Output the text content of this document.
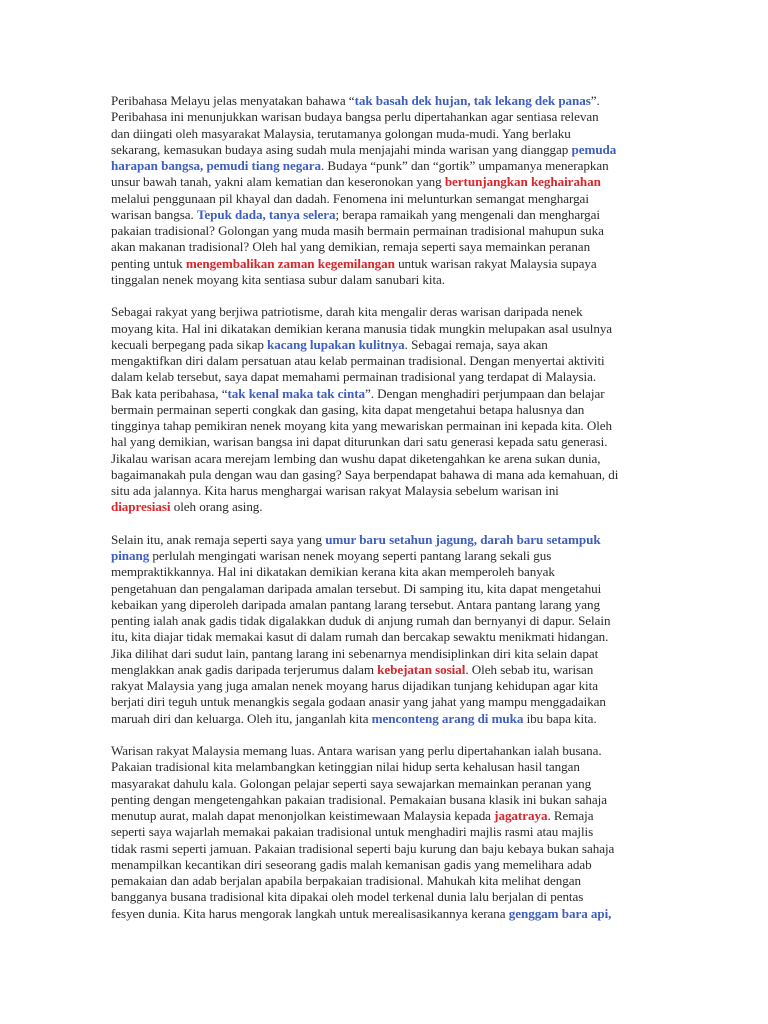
Peribahasa Melayu jelas menyatakan bahawa “tak basah dek hujan, tak lekang dek panas”.
Peribahasa ini menunjukkan warisan budaya bangsa perlu dipertahankan agar sentiasa relevan
dan diingati oleh masyarakat Malaysia, terutamanya golongan muda-mudi. Yang berlaku
sekarang, kemasukan budaya asing sudah mula menjajahi minda warisan yang dianggap pemuda
harapan bangsa, pemudi tiang negara. Budaya “punk” dan “gortik” umpamanya menerapkan
unsur bawah tanah, yakni alam kematian dan keseronokan yang bertunjangkan keghairahan
melalui penggunaan pil khayal dan dadah. Fenomena ini melunturkan semangat menghargai
warisan bangsa. Tepuk dada, tanya selera; berapa ramaikah yang mengenali dan menghargai
pakaian tradisional? Golongan yang muda masih bermain permainan tradisional mahupun suka
akan makanan tradisional? Oleh hal yang demikian, remaja seperti saya memainkan peranan
penting untuk mengembalikan zaman kegemilangan untuk warisan rakyat Malaysia supaya
tinggalan nenek moyang kita sentiasa subur dalam sanubari kita.
Sebagai rakyat yang berjiwa patriotisme, darah kita mengalir deras warisan daripada nenek
moyang kita. Hal ini dikatakan demikian kerana manusia tidak mungkin melupakan asal usulnya
kecuali berpegang pada sikap kacang lupakan kulitnya. Sebagai remaja, saya akan
mengaktifkan diri dalam persatuan atau kelab permainan tradisional. Dengan menyertai aktiviti
dalam kelab tersebut, saya dapat memahami permainan tradisional yang terdapat di Malaysia.
Bak kata peribahasa, “tak kenal maka tak cinta”. Dengan menghadiri perjumpaan dan belajar
bermain permainan seperti congkak dan gasing, kita dapat mengetahui betapa halusnya dan
tingginya tahap pemikiran nenek moyang kita yang mewariskan permainan ini kepada kita. Oleh
hal yang demikian, warisan bangsa ini dapat diturunkan dari satu generasi kepada satu generasi.
Jikalau warisan acara merejam lembing dan wushu dapat diketengahkan ke arena sukan dunia,
bagaimanakah pula dengan wau dan gasing? Saya berpendapat bahawa di mana ada kemahuan, di
situ ada jalannya. Kita harus menghargai warisan rakyat Malaysia sebelum warisan ini
diapresiasi oleh orang asing.
Selain itu, anak remaja seperti saya yang umur baru setahun jagung, darah baru setampuk
pinang perlulah mengingati warisan nenek moyang seperti pantang larang sekali gus
mempraktikkannya. Hal ini dikatakan demikian kerana kita akan memperoleh banyak
pengetahuan dan pengalaman daripada amalan tersebut. Di samping itu, kita dapat mengetahui
kebaikan yang diperoleh daripada amalan pantang larang tersebut. Antara pantang larang yang
penting ialah anak gadis tidak digalakkan duduk di anjung rumah dan bernyanyi di dapur. Selain
itu, kita diajar tidak memakai kasut di dalam rumah dan bercakap sewaktu menikmati hidangan.
Jika dilihat dari sudut lain, pantang larang ini sebenarnya mendisiplinkan diri kita selain dapat
menglakkan anak gadis daripada terjerumus dalam kebejatan sosial. Oleh sebab itu, warisan
rakyat Malaysia yang juga amalan nenek moyang harus dijadikan tunjang kehidupan agar kita
berjati diri teguh untuk menangkis segala godaan anasir yang jahat yang mampu menggadaikan
maruah diri dan keluarga. Oleh itu, janganlah kita menconteng arang di muka ibu bapa kita.
Warisan rakyat Malaysia memang luas. Antara warisan yang perlu dipertahankan ialah busana.
Pakaian tradisional kita melambangkan ketinggian nilai hidup serta kehalusan hasil tangan
masyarakat dahulu kala. Golongan pelajar seperti saya sewajarkan memainkan peranan yang
penting dengan mengetengahkan pakaian tradisional. Pemakaian busana klasik ini bukan sahaja
menutup aurat, malah dapat menonjolkan keistimewaan Malaysia kepada jagatraya. Remaja
seperti saya wajarlah memakai pakaian tradisional untuk menghadiri majlis rasmi atau majlis
tidak rasmi seperti jamuan. Pakaian tradisional seperti baju kurung dan baju kebaya bukan sahaja
menampilkan kecantikan diri seseorang gadis malah kemanisan gadis yang memelihara adab
pemakaian dan adab berjalan apabila berpakaian tradisional. Mahukah kita melihat dengan
bangganya busana tradisional kita dipakai oleh model terkenal dunia lalu berjalan di pentas
fesyen dunia. Kita harus mengorak langkah untuk merealisasikannya kerana genggam bara api,
